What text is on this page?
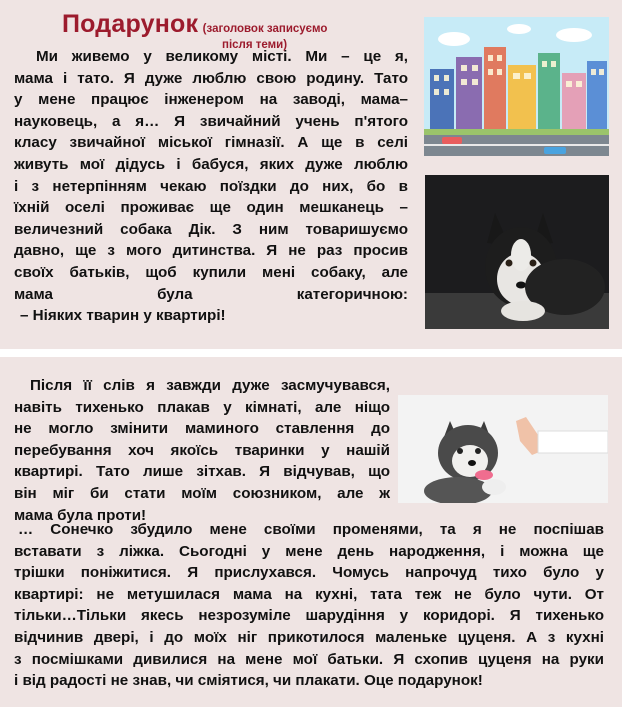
Подарунок (заголовок записуємо
Ми живемо у великому місті. Ми – це я,
мама і тато. Я дуже люблю свою родину. Тато
у мене працює інженером на заводі, мама–
науковець, а я… Я звичайний учень п'ятого
класу звичайної міської гімназії. А ще в селі
живуть мої дідусь і бабуся, яких дуже люблю
і з нетерпінням чекаю поїздки до них, бо в
їхній оселі проживає ще один мешканець –
величезний собака Дік. З ним товаришуємо
давно, ще з мого дитинства. Я не раз просив
своїх батьків, щоб купили мені собаку, але
мама була категоричною:
– Ніяких тварин у квартирі!
після теми)
Після її слів я завжди дуже засмучувався,
навіть тихенько плакав у кімнаті, але ніщо
не могло змінити маминого ставлення до
перебування хоч якоїсь тваринки у нашій
квартирі. Тато лише зітхав. Я відчував, що
він міг би стати моїм союзником, але ж
мама була проти!
… Сонечко збудило мене своїми променями, та я не поспішав
вставати з ліжка. Сьогодні у мене день народження, і можна ще
трішки поніжитися. Я прислухався. Чомусь напрочуд тихо було у
квартирі: не метушилася мама на кухні, тата теж не було чути. От
тільки…Тільки якесь незрозуміле шарудіння у коридорі. Я тихенько
відчинив двері, і до моїх ніг прикотилося маленьке цуценя. А з кухні
з посмішками дивилися на мене мої батьки. Я схопив цуценя на руки
і від радості не знав, чи сміятися, чи плакати. Оце подарунок!
